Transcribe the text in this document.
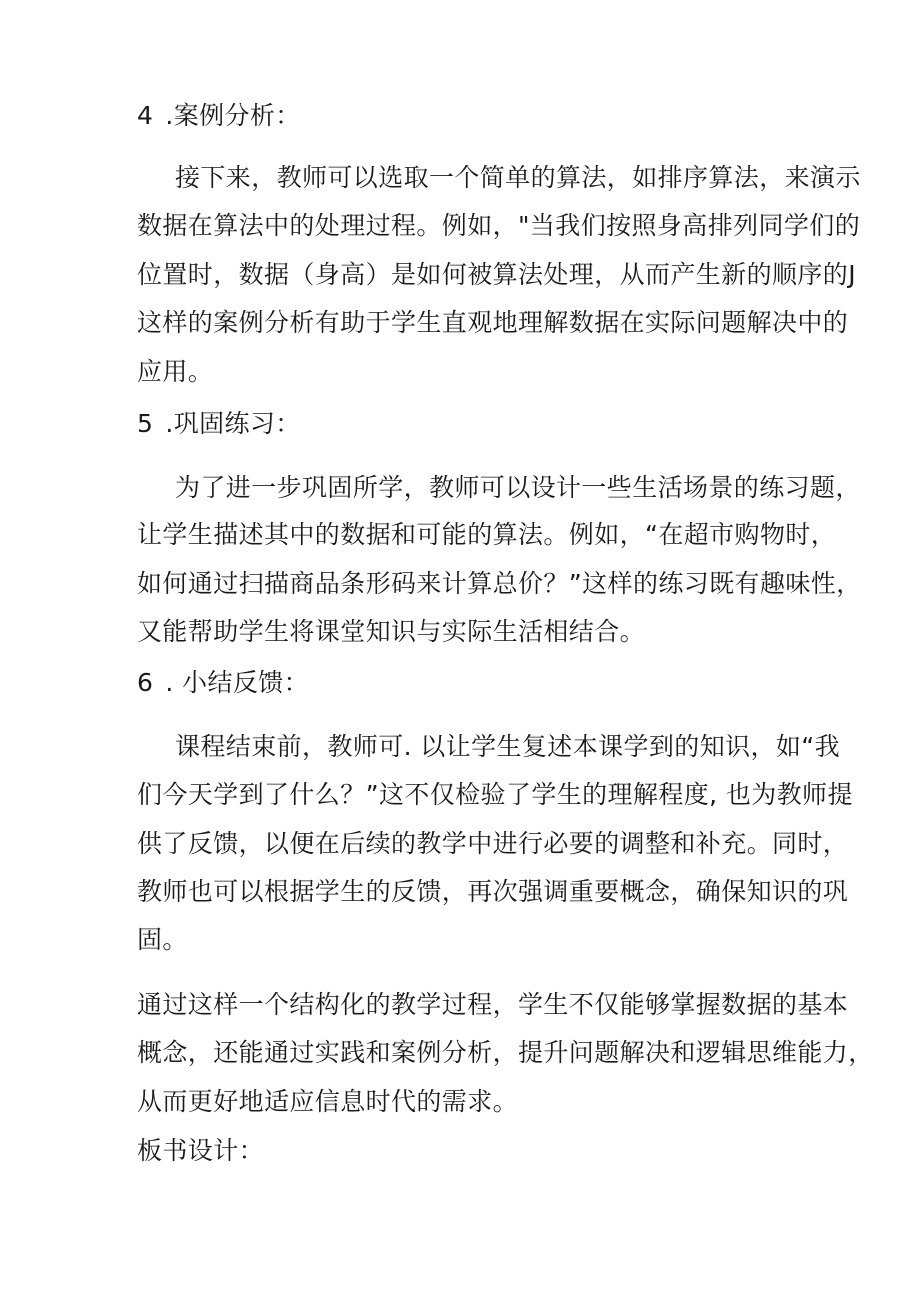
4 .案例分析：
接下来，教师可以选取一个简单的算法，如排序算法，来演示
数据在算法中的处理过程。例如，"当我们按照身高排列同学们的
位置时，数据（身高）是如何被算法处理，从而产生新的顺序的J
这样的案例分析有助于学生直观地理解数据在实际问题解决中的
应用。
5 .巩固练习：
为了进一步巩固所学，教师可以设计一些生活场景的练习题，
让学生描述其中的数据和可能的算法。例如，“在超市购物时，
如何通过扫描商品条形码来计算总价？”这样的练习既有趣味性，
又能帮助学生将课堂知识与实际生活相结合。
6 . 小结反馈：
课程结束前，教师可. 以让学生复述本课学到的知识，如“我
们今天学到了什么？”这不仅检验了学生的理解程度, 也为教师提
供了反馈，以便在后续的教学中进行必要的调整和补充。同时，
教师也可以根据学生的反馈，再次强调重要概念，确保知识的巩
固。
通过这样一个结构化的教学过程，学生不仅能够掌握数据的基本
概念，还能通过实践和案例分析，提升问题解决和逻辑思维能力，
从而更好地适应信息时代的需求。
板书设计：
